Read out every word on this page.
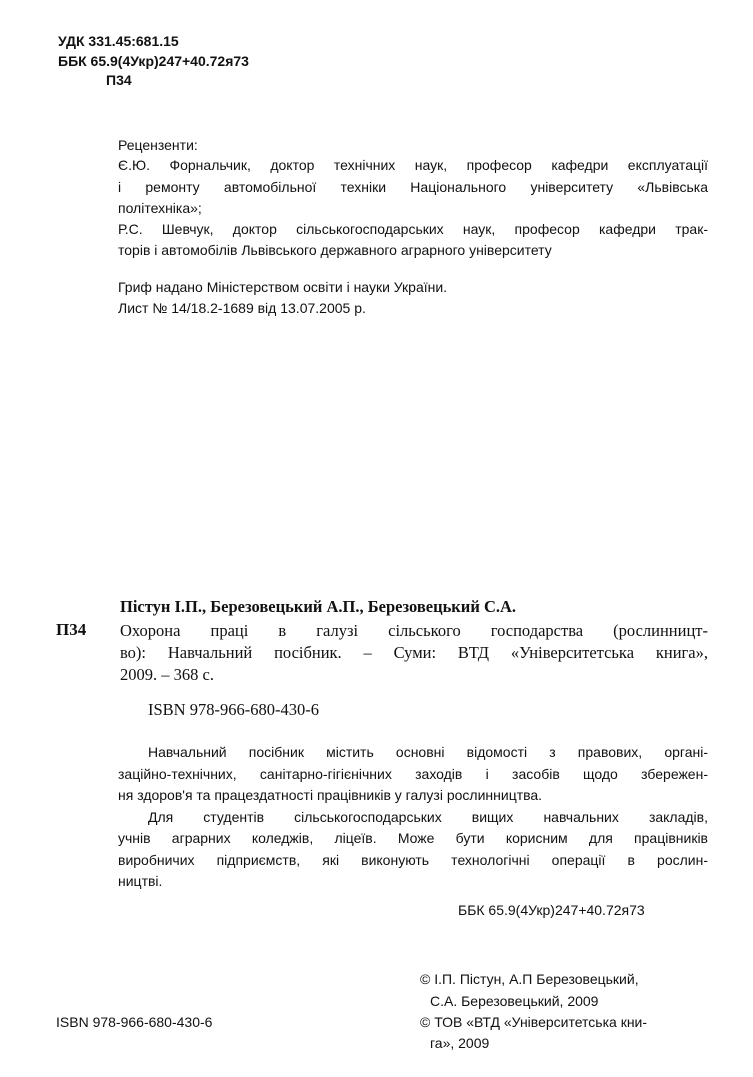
УДК 331.45:681.15
ББК 65.9(4Укр)247+40.72я73
П34
Рецензенти:
Є.Ю. Форнальчик, доктор технічних наук, професор кафедри експлуатації
і ремонту автомобільної техніки Національного університету «Львівська
політехніка»;
Р.С. Шевчук, доктор сільськогосподарських наук, професор кафедри трак-
торів і автомобілів Львівського державного аграрного університету
Гриф надано Міністерством освіти і науки України.
Лист № 14/18.2-1689 від 13.07.2005 р.
Пістун І.П., Березовецький А.П., Березовецький С.А.
П34 Охорона праці в галузі сільського господарства (рослинницт-
во): Навчальний посібник. – Суми: ВТД «Університетська книга»,
2009. – 368 с.
ISBN 978-966-680-430-6
Навчальний посібник містить основні відомості з правових, органі-
заційно-технічних, санітарно-гігієнічних заходів і засобів щодо збережен-
ня здоров'я та працездатності працівників у галузі рослинництва.
Для студентів сільськогосподарських вищих навчальних закладів,
учнів аграрних коледжів, ліцеїв. Може бути корисним для працівників
виробничих підприємств, які виконують технологічні операції в рослин-
ництві.
ББК 65.9(4Укр)247+40.72я73
© І.П. Пістун, А.П Березовецький,
С.А. Березовецький, 2009
© ТОВ «ВТД «Університетська кни-
га», 2009
ISBN 978-966-680-430-6
